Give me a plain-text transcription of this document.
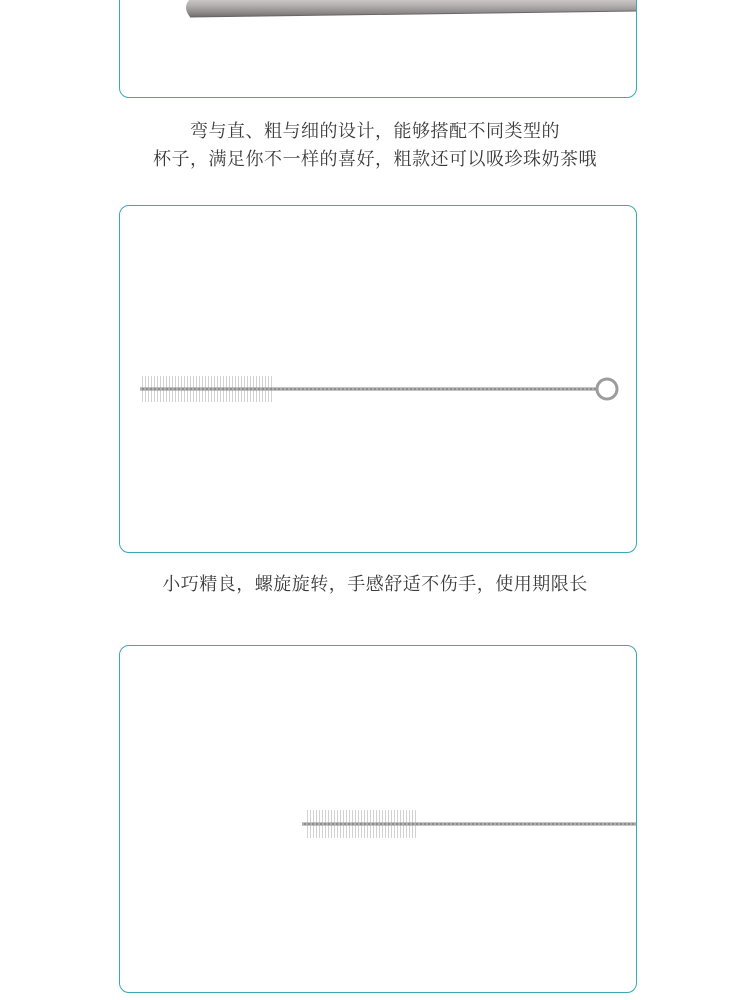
弯与直、粗与细的设计，能够搭配不同类型的
杯子，满足你不一样的喜好，粗款还可以吸珍珠奶茶哦
小巧精良，螺旋旋转，手感舒适不伤手，使用期限长
